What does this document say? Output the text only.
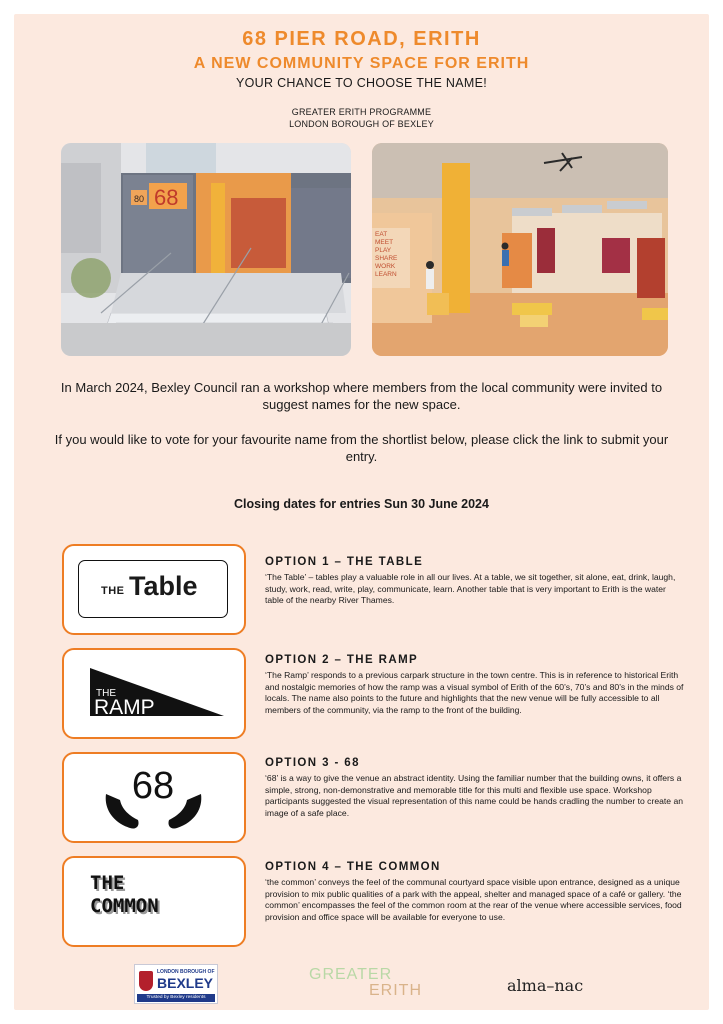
68 PIER ROAD, ERITH
A NEW COMMUNITY SPACE FOR ERITH
YOUR CHANCE TO CHOOSE THE NAME!
GREATER ERITH PROGRAMME
LONDON BOROUGH OF BEXLEY
80 68
EAT
MEET
PLAY
SHARE
WORK
LEARN

In March 2024, Bexley Council ran a workshop where members from the local community were invited to suggest names for the new space.

If you would like to vote for your favourite name from the shortlist below, please click the link to submit your entry.

Closing dates for entries Sun 30 June 2024
THE Table
OPTION 1 – THE TABLE
‘The Table’ – tables play a valuable role in all our lives. At a table, we sit together, sit alone, eat, drink, laugh, study, work, read, write, play, communicate, learn. Another table that is very important to Erith is the water table of the nearby River Thames.
THE
RAMP
OPTION 2 – THE RAMP
‘The Ramp’ responds to a previous carpark structure in the town centre. This is in reference to historical Erith and nostalgic memories of how the ramp was a visual symbol of Erith of the 60’s, 70’s and 80’s in the minds of locals. The name also points to the future and highlights that the new venue will be fully accessible to all members of the community, via the ramp to the front of the building.
68
OPTION 3 - 68
‘68’ is a way to give the venue an abstract identity. Using the familiar number that the building owns, it offers a simple, strong, non-demonstrative and memorable title for this multi and flexible use space. Workshop participants suggested the visual representation of this name could be hands cradling the number to create an image of a safe place.
THE
COMMON
OPTION 4 – THE COMMON
‘the common’ conveys the feel of the communal courtyard space visible upon entrance, designed as a unique provision to mix public qualities of a park with the appeal, shelter and managed space of a café or gallery. ‘the common’ encompasses the feel of the common room at the rear of the venue where accessible services, food provision and office space will be available for everyone to use.
LONDON BOROUGH OF
BEXLEY
Trusted by Bexley residents
GREATER
ERITH	alma–nac
